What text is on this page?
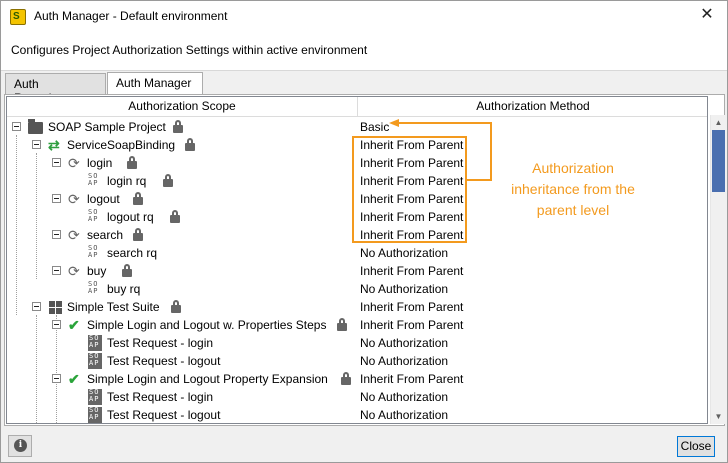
S Auth Manager - Default environment	✕
Configures Project Authorization Settings within active environment
Auth	Auth Manager
Authorization Scope	Authorization Method
SOAP Sample Project	Basic
⇄ ServiceSoapBinding	Inherit From Parent
⟳ login	Inherit From Parent
SO
AP login rq	Inherit From Parent
⟳ logout	Inherit From Parent
SO
AP logout rq	Inherit From Parent
⟳ search	Inherit From Parent
SO
AP search rq	No Authorization
⟳ buy	Inherit From Parent
SO
AP buy rq	No Authorization
Simple Test Suite	Inherit From Parent
✔ Simple Login and Logout w. Properties Steps	Inherit From Parent
SO
AP Test Request - login	No Authorization
SO
AP Test Request - logout	No Authorization
✔ Simple Login and Logout Property Expansion	Inherit From Parent
SO
AP Test Request - login	No Authorization
SO
AP Test Request - logout	No Authorization
▲
▼
Authorization
inheritance from the
parent level
i	Close
